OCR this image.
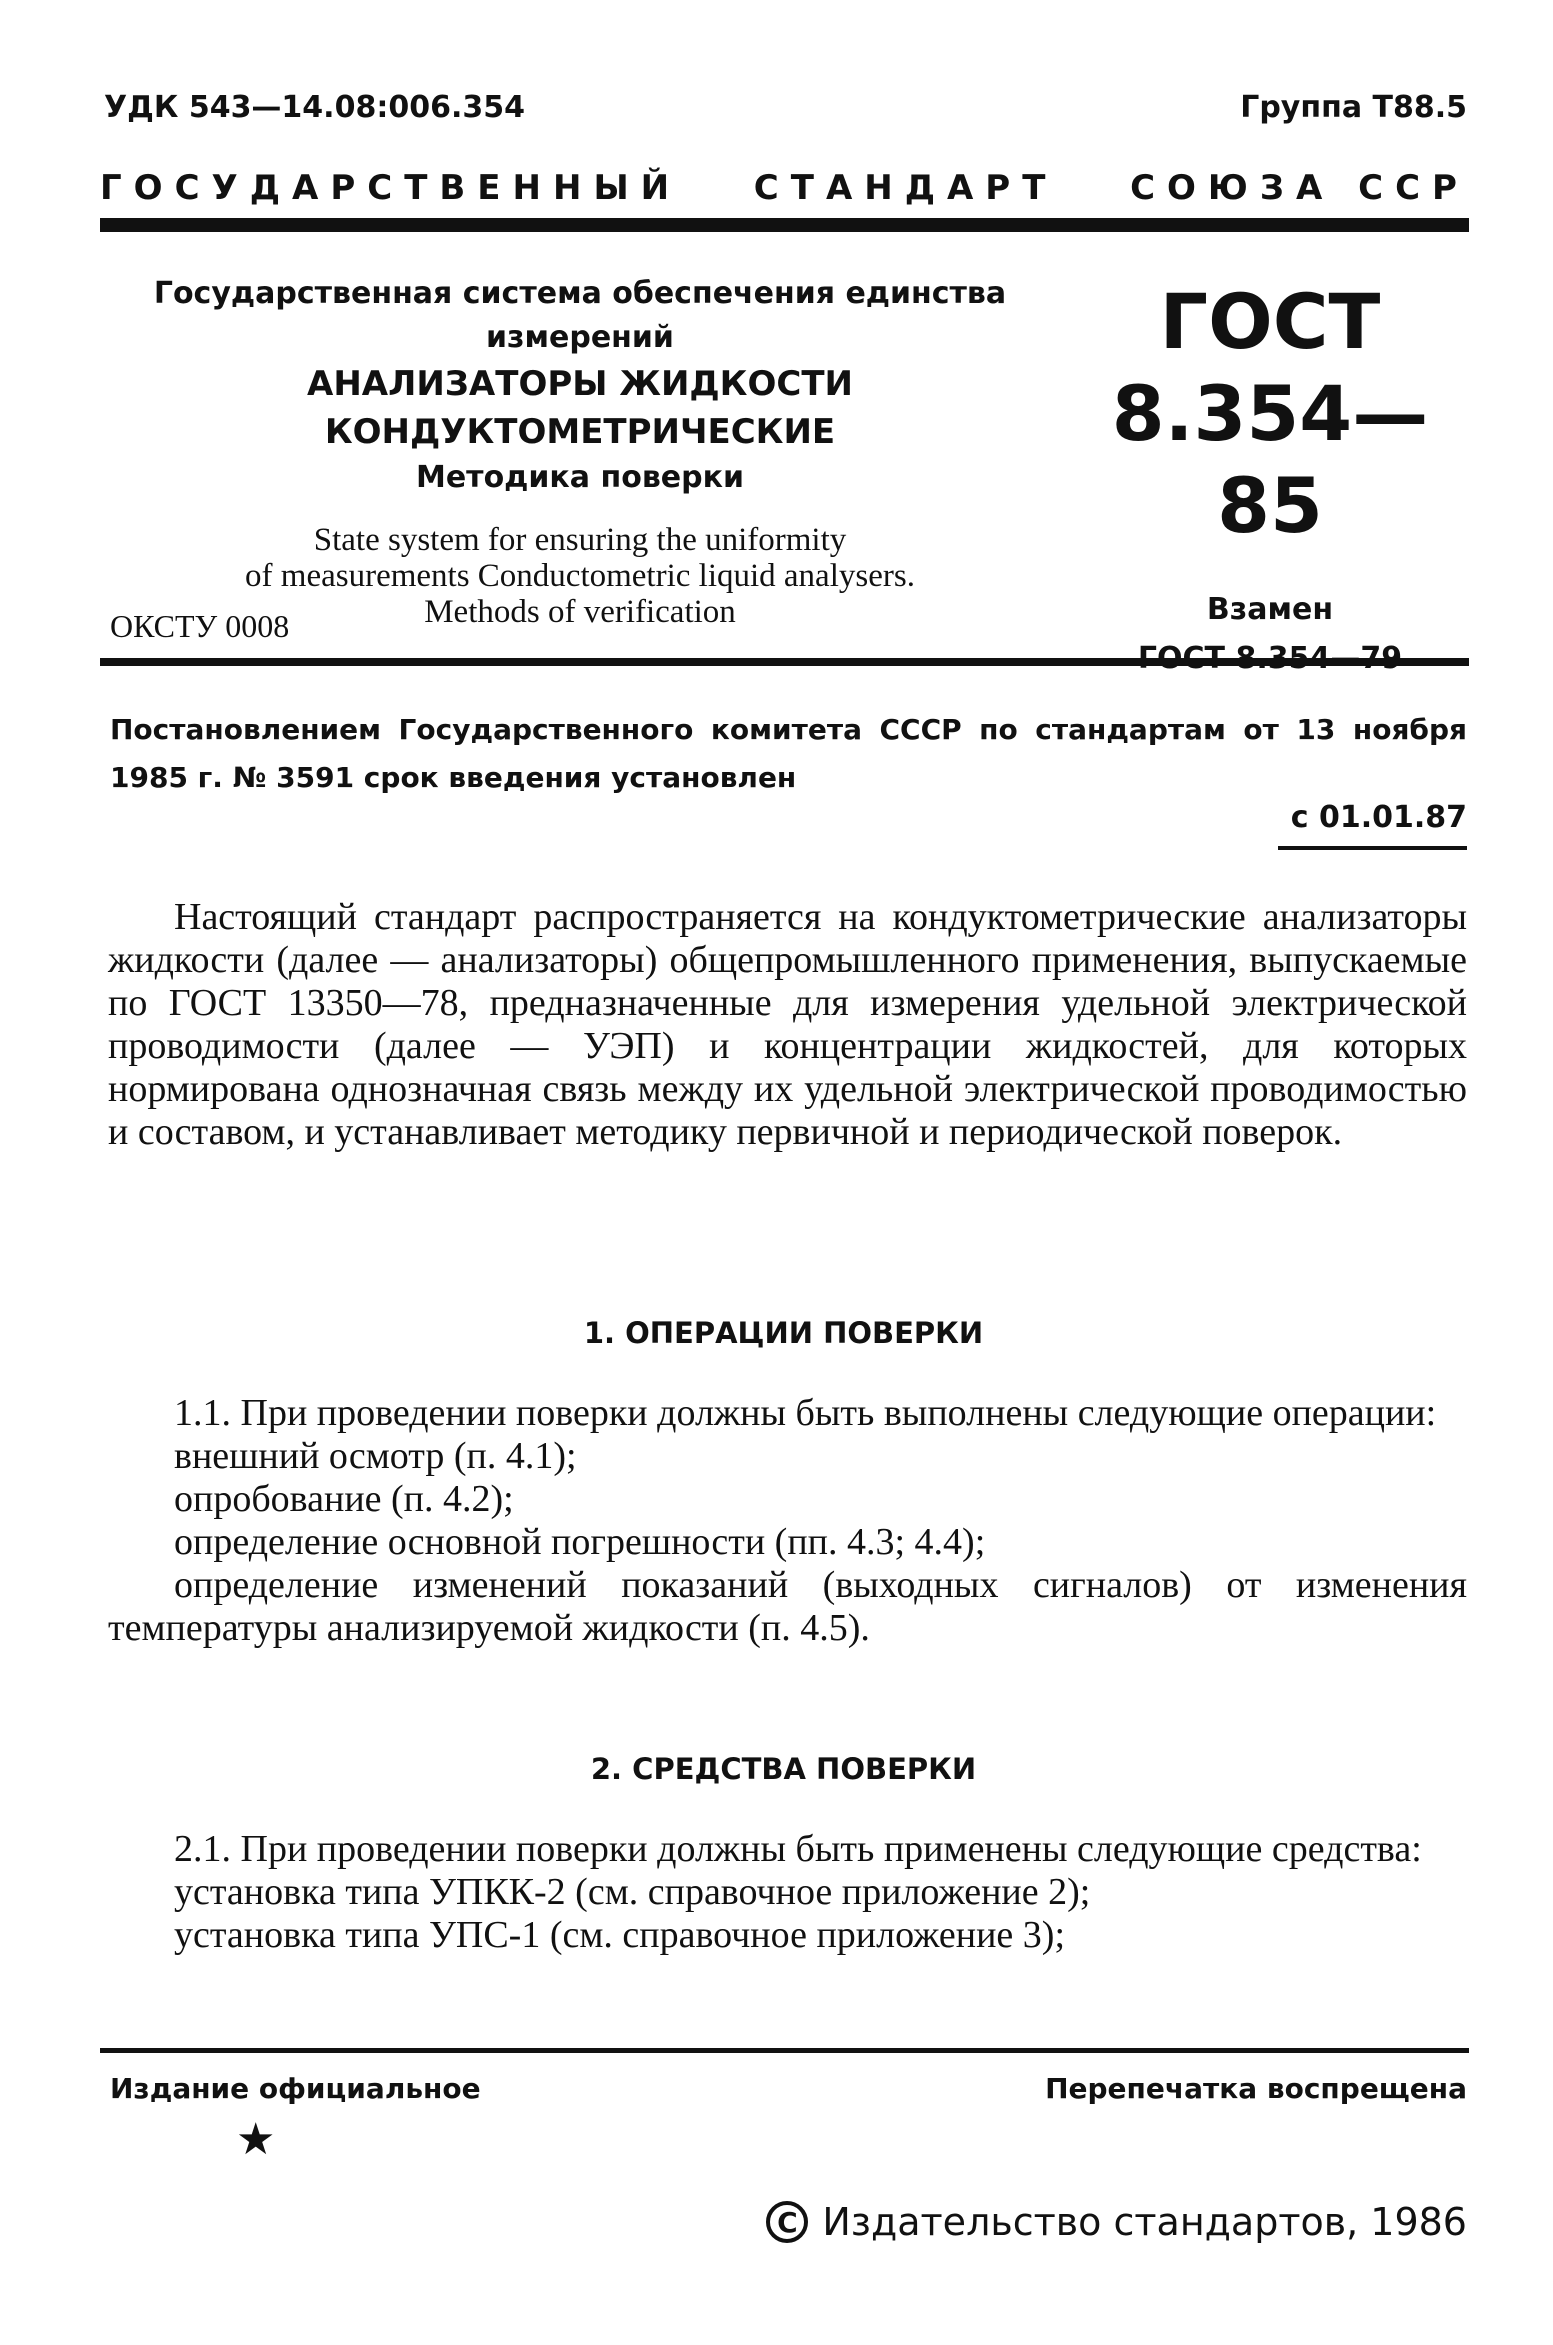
УДК 543—14.08:006.354	Группа Т88.5
ГОСУДАРСТВЕННЫЙ СТАНДАРТ СОЮЗА ССР
Государственная система обеспечения единства
измерений
АНАЛИЗАТОРЫ ЖИДКОСТИ КОНДУКТОМЕТРИЧЕСКИЕ
Методика поверки
State system for ensuring the uniformity
of measurements Conductometric liquid analysers.
Methods of verification
ГОСТ
8.354—85
Взамен
ОКСТУ 0008
Постановлением Государственного комитета СССР по стандартам от 13 ноября 1985 г. № 3591 срок введения установлен
с 01.01.87
Настоящий стандарт распространяется на кондуктометрические анализаторы жидкости (далее — анализаторы) общепромышленного применения, выпускаемые по ГОСТ 13350—78, предназначенные для измерения удельной электрической проводимости (далее — УЭП) и концентрации жидкостей, для которых нормирована однозначная связь между их удельной электрической проводимостью и составом, и устанавливает методику первичной и периодической поверок.
1. ОПЕРАЦИИ ПОВЕРКИ
1.1. При проведении поверки должны быть выполнены следующие операции:
внешний осмотр (п. 4.1);
опробование (п. 4.2);
определение основной погрешности (пп. 4.3; 4.4);
определение изменений показаний (выходных сигналов) от изменения температуры анализируемой жидкости (п. 4.5).
2. СРЕДСТВА ПОВЕРКИ
2.1. При проведении поверки должны быть применены следующие средства:
установка типа УПКК-2 (см. справочное приложение 2);
установка типа УПС-1 (см. справочное приложение 3);
Издание официальное	Перепечатка воспрещена
★
C Издательство стандартов, 1986
